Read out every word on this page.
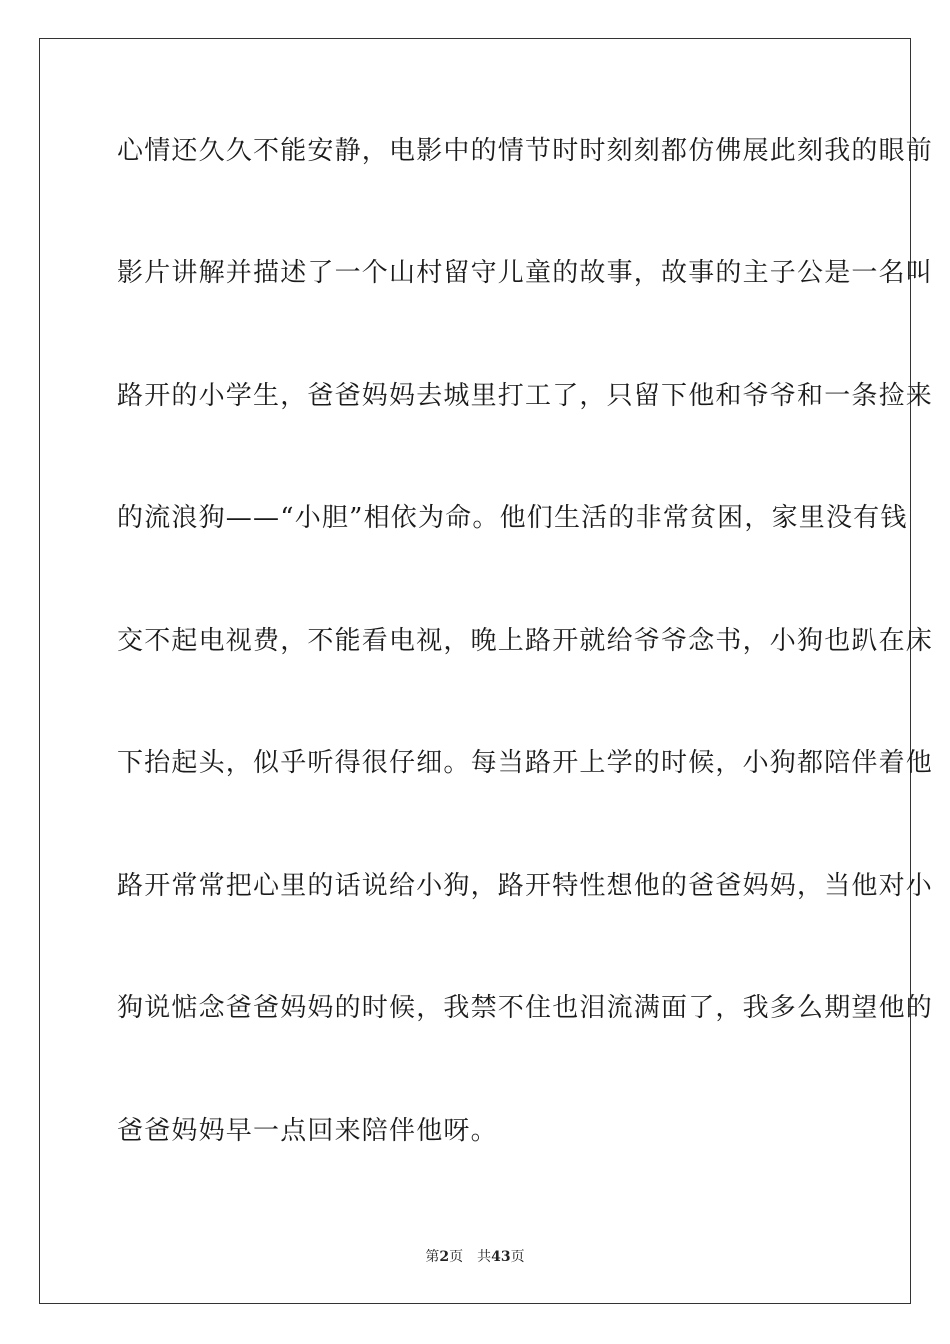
心情还久久不能安静，电影中的情节时时刻刻都仿佛展此刻我的眼前
影片讲解并描述了一个山村留守儿童的故事，故事的主子公是一名叫
路开的小学生，爸爸妈妈去城里打工了，只留下他和爷爷和一条捡来
的流浪狗——“小胆”相依为命。他们生活的非常贫困，家里没有钱
交不起电视费，不能看电视，晚上路开就给爷爷念书，小狗也趴在床
下抬起头，似乎听得很仔细。每当路开上学的时候，小狗都陪伴着他
路开常常把心里的话说给小狗，路开特性想他的爸爸妈妈，当他对小
狗说惦念爸爸妈妈的时候，我禁不住也泪流满面了，我多么期望他的
爸爸妈妈早一点回来陪伴他呀。
第2页 共43页
